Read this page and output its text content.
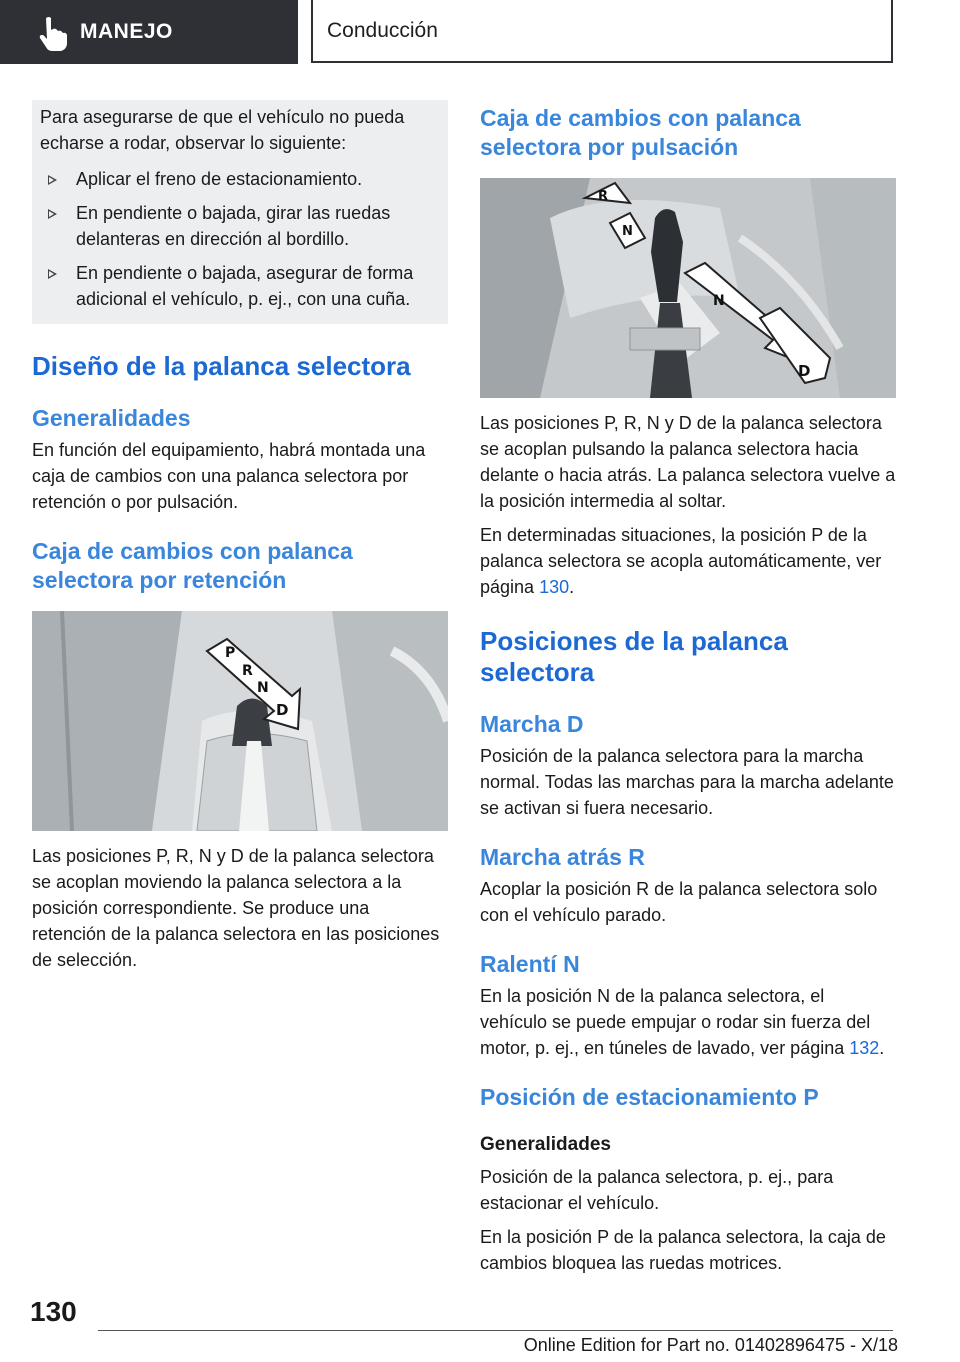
MANEJO	Conducción

Para asegurarse de que el vehículo no pueda echarse a rodar, observar lo siguiente:

Aplicar el freno de estacionamiento.
En pendiente o bajada, girar las ruedas delanteras en dirección al bordillo.
En pendiente o bajada, asegurar de forma adicional el vehículo, p. ej., con una cuña.
Diseño de la palanca selectora
Generalidades

En función del equipamiento, habrá montada una caja de cambios con una palanca selectora por retención o por pulsación.

Caja de cambios con palanca selectora por retención
P
R
N
D

Las posiciones P, R, N y D de la palanca selectora se acoplan moviendo la palanca selectora a la posición correspondiente. Se produce una retención de la palanca selectora en las posiciones de selección.

Caja de cambios con palanca selectora por pulsación
R
N
N
D

Las posiciones P, R, N y D de la palanca selectora se acoplan pulsando la palanca selectora hacia delante o hacia atrás. La palanca selectora vuelve a la posición intermedia al soltar.

En determinadas situaciones, la posición P de la palanca selectora se acopla automáticamente, ver página 130.

Posiciones de la palanca selectora
Marcha D

Posición de la palanca selectora para la marcha normal. Todas las marchas para la marcha adelante se activan si fuera necesario.

Marcha atrás R

Acoplar la posición R de la palanca selectora solo con el vehículo parado.

Ralentí N

En la posición N de la palanca selectora, el vehículo se puede empujar o rodar sin fuerza del motor, p. ej., en túneles de lavado, ver página 132.

Posición de estacionamiento P
Generalidades

Posición de la palanca selectora, p. ej., para estacionar el vehículo.

En la posición P de la palanca selectora, la caja de cambios bloquea las ruedas motrices.

130
Online Edition for Part no. 01402896475 - X/18
